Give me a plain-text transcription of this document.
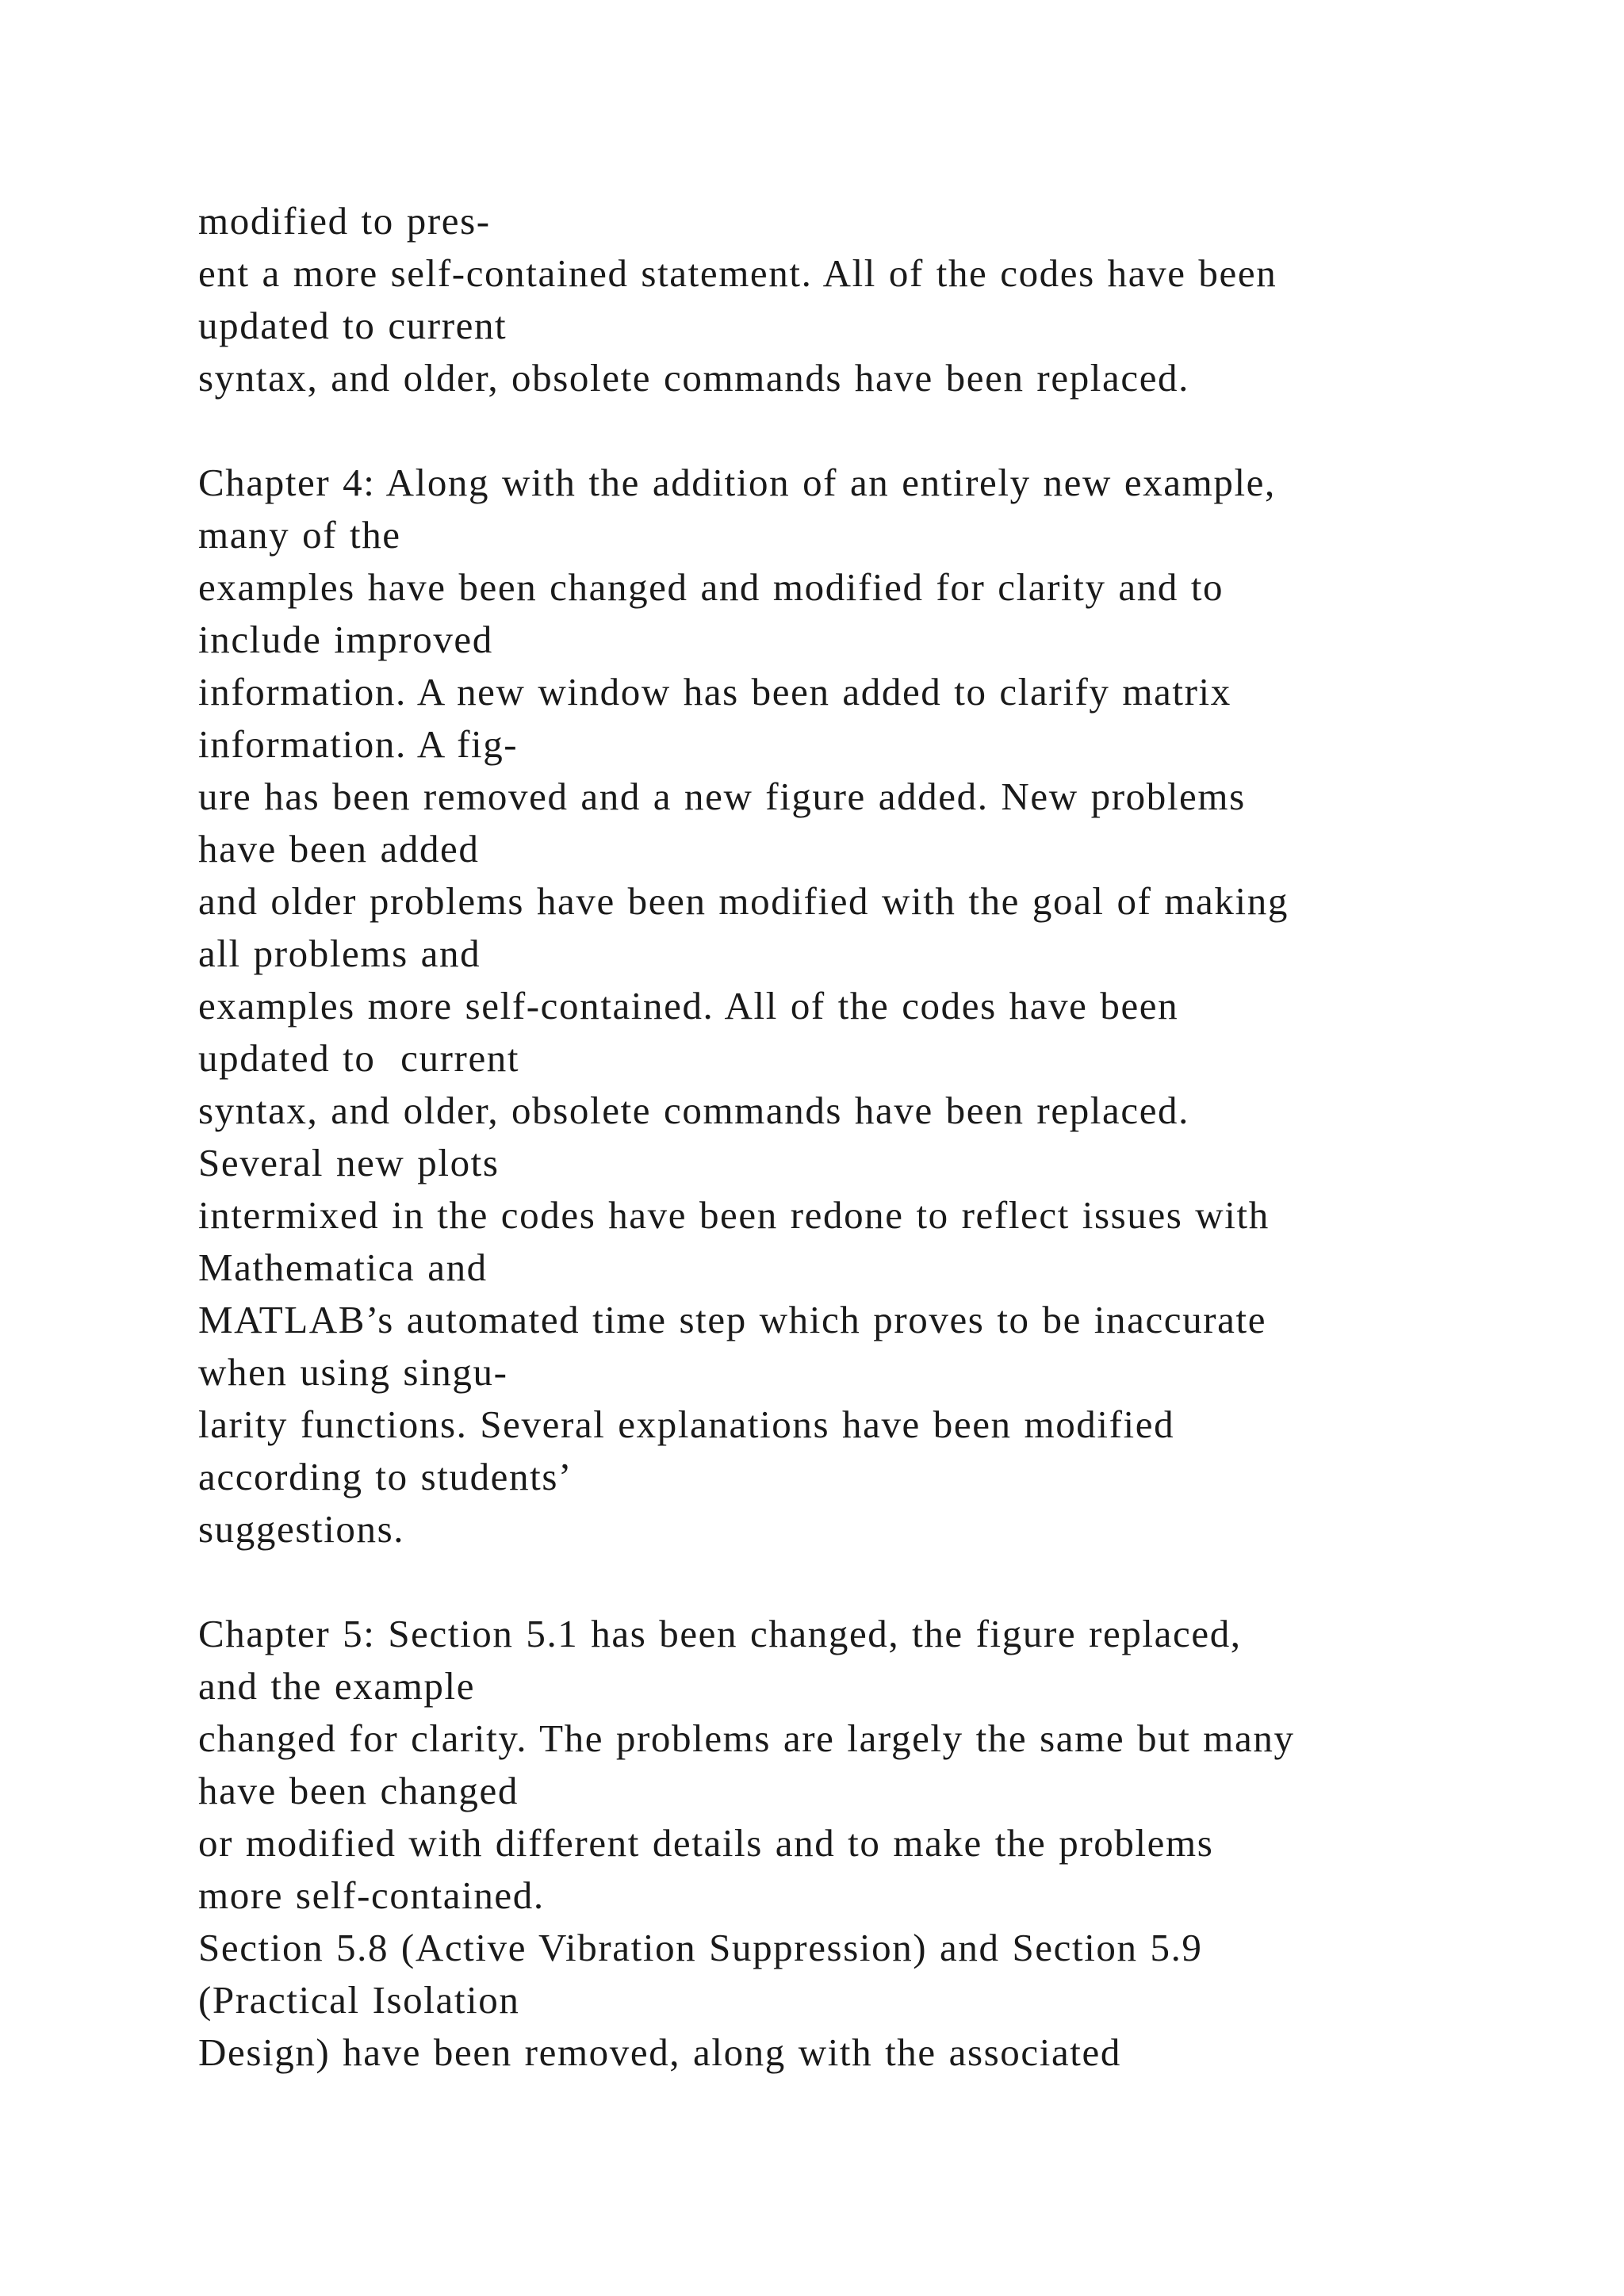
modified to pres-
ent a more self-contained statement. All of the codes have been
updated to current
syntax, and older, obsolete commands have been replaced.
Chapter 4: Along with the addition of an entirely new example,
many of the
examples have been changed and modified for clarity and to
include improved
information. A new window has been added to clarify matrix
information. A fig-
ure has been removed and a new figure added. New problems
have been added
and older problems have been modified with the goal of making
all problems and
examples more self-contained. All of the codes have been
updated to  current
syntax, and older, obsolete commands have been replaced.
Several new plots
intermixed in the codes have been redone to reflect issues with
Mathematica and
MATLAB’s automated time step which proves to be inaccurate
when using singu-
larity functions. Several explanations have been modified
according to students’
suggestions.
Chapter 5: Section 5.1 has been changed, the figure replaced,
and the example
changed for clarity. The problems are largely the same but many
have been changed
or modified with different details and to make the problems
more self-contained.
Section 5.8 (Active Vibration Suppression) and Section 5.9
(Practical Isolation
Design) have been removed, along with the associated
